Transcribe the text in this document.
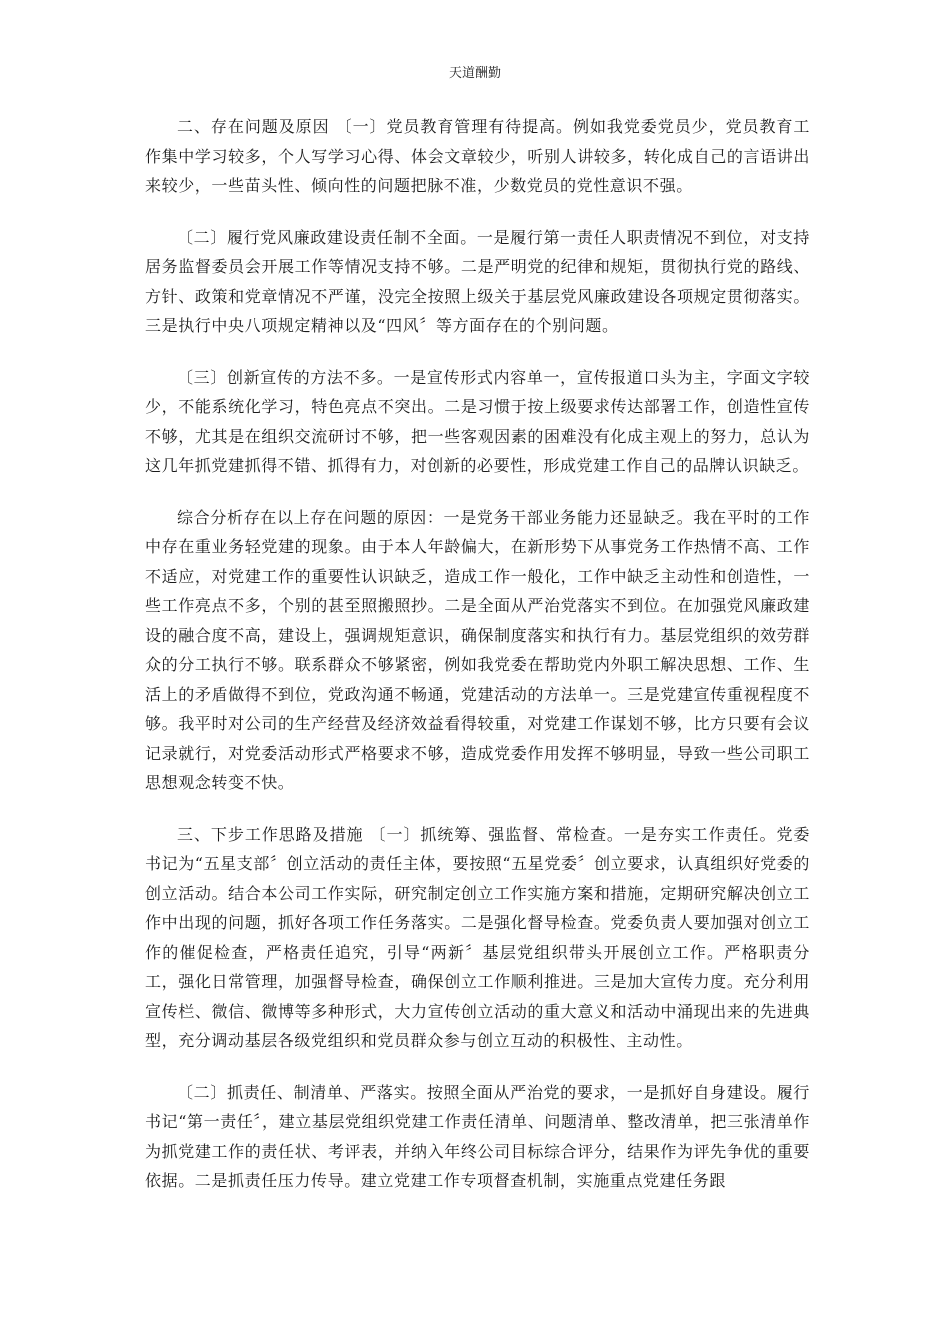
天道酬勤

二、存在问题及原因 〔一〕党员教育管理有待提高。例如我党委党员少，党员教育工作集中学习较多，个人写学习心得、体会文章较少，听别人讲较多，转化成自己的言语讲出来较少，一些苗头性、倾向性的问题把脉不准，少数党员的党性意识不强。

〔二〕履行党风廉政建设责任制不全面。一是履行第一责任人职责情况不到位，对支持居务监督委员会开展工作等情况支持不够。二是严明党的纪律和规矩，贯彻执行党的路线、方针、政策和党章情况不严谨，没完全按照上级关于基层党风廉政建设各项规定贯彻落实。三是执行中央八项规定精神以及“四风〞等方面存在的个别问题。

〔三〕创新宣传的方法不多。一是宣传形式内容单一，宣传报道口头为主，字面文字较少，不能系统化学习，特色亮点不突出。二是习惯于按上级要求传达部署工作，创造性宣传不够，尤其是在组织交流研讨不够，把一些客观因素的困难没有化成主观上的努力，总认为这几年抓党建抓得不错、抓得有力，对创新的必要性，形成党建工作自己的品牌认识缺乏。

综合分析存在以上存在问题的原因：一是党务干部业务能力还显缺乏。我在平时的工作中存在重业务轻党建的现象。由于本人年龄偏大，在新形势下从事党务工作热情不高、工作不适应，对党建工作的重要性认识缺乏，造成工作一般化，工作中缺乏主动性和创造性，一些工作亮点不多，个别的甚至照搬照抄。二是全面从严治党落实不到位。在加强党风廉政建设的融合度不高，建设上，强调规矩意识，确保制度落实和执行有力。基层党组织的效劳群众的分工执行不够。联系群众不够紧密，例如我党委在帮助党内外职工解决思想、工作、生活上的矛盾做得不到位，党政沟通不畅通，党建活动的方法单一。三是党建宣传重视程度不够。我平时对公司的生产经营及经济效益看得较重，对党建工作谋划不够，比方只要有会议记录就行，对党委活动形式严格要求不够，造成党委作用发挥不够明显，导致一些公司职工思想观念转变不快。

三、下步工作思路及措施 〔一〕抓统筹、强监督、常检查。一是夯实工作责任。党委书记为“五星支部〞创立活动的责任主体，要按照“五星党委〞创立要求，认真组织好党委的创立活动。结合本公司工作实际，研究制定创立工作实施方案和措施，定期研究解决创立工作中出现的问题，抓好各项工作任务落实。二是强化督导检查。党委负责人要加强对创立工作的催促检查，严格责任追究，引导“两新〞基层党组织带头开展创立工作。严格职责分工，强化日常管理，加强督导检查，确保创立工作顺利推进。三是加大宣传力度。充分利用宣传栏、微信、微博等多种形式，大力宣传创立活动的重大意义和活动中涌现出来的先进典型，充分调动基层各级党组织和党员群众参与创立互动的积极性、主动性。

〔二〕抓责任、制清单、严落实。按照全面从严治党的要求，一是抓好自身建设。履行书记“第一责任〞，建立基层党组织党建工作责任清单、问题清单、整改清单，把三张清单作为抓党建工作的责任状、考评表，并纳入年终公司目标综合评分，结果作为评先争优的重要依据。二是抓责任压力传导。建立党建工作专项督查机制，实施重点党建任务跟
